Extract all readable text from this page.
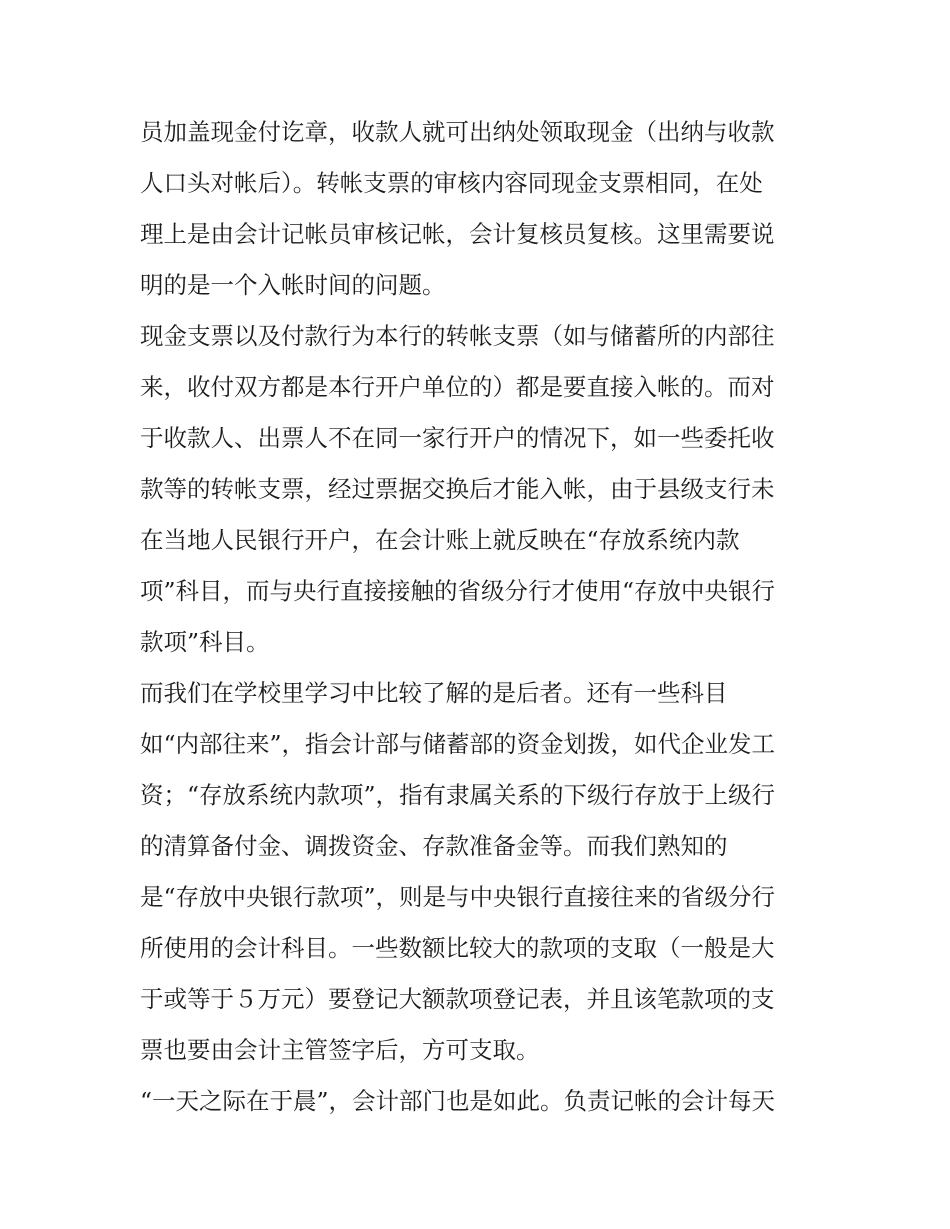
员加盖现金付讫章，收款人就可出纳处领取现金（出纳与收款
人口头对帐后）。转帐支票的审核内容同现金支票相同，在处
理上是由会计记帐员审核记帐，会计复核员复核。这里需要说
明的是一个入帐时间的问题。
现金支票以及付款行为本行的转帐支票（如与储蓄所的内部往
来，收付双方都是本行开户单位的）都是要直接入帐的。而对
于收款人、出票人不在同一家行开户的情况下，如一些委托收
款等的转帐支票，经过票据交换后才能入帐，由于县级支行未
在当地人民银行开户，在会计账上就反映在“存放系统内款
项”科目，而与央行直接接触的省级分行才使用“存放中央银行
款项”科目。
而我们在学校里学习中比较了解的是后者。还有一些科目
如“内部往来”，指会计部与储蓄部的资金划拨，如代企业发工
资；“存放系统内款项”，指有隶属关系的下级行存放于上级行
的清算备付金、调拨资金、存款准备金等。而我们熟知的
是“存放中央银行款项”，则是与中央银行直接往来的省级分行
所使用的会计科目。一些数额比较大的款项的支取（一般是大
于或等于５万元）要登记大额款项登记表，并且该笔款项的支
票也要由会计主管签字后，方可支取。
“一天之际在于晨”，会计部门也是如此。负责记帐的会计每天
